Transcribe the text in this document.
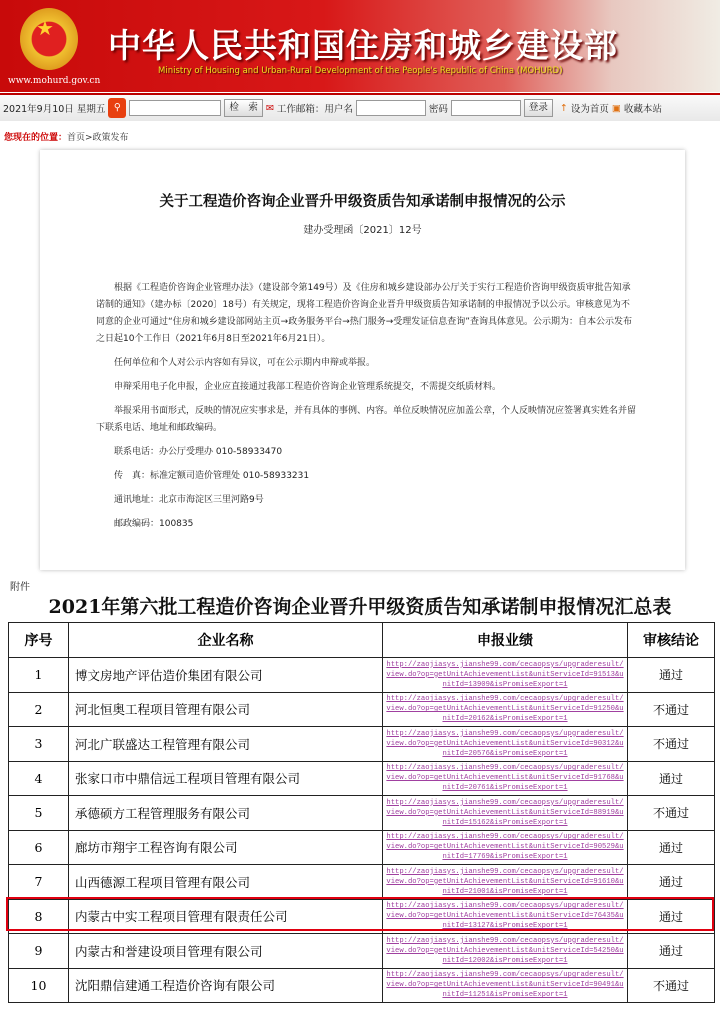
★
www.mohurd.gov.cn
中华人民共和国住房和城乡建设部
Ministry of Housing and Urban-Rural Development of the People's Republic of China (MOHURD)
2021年9月10日 星期五 ⚲	检　索 ✉ 工作邮箱：用户名	密码	登录	↑ 设为首页 ▣ 收藏本站
您现在的位置：首页>政策发布
关于工程造价咨询企业晋升甲级资质告知承诺制申报情况的公示
建办受理函〔2021〕12号

根据《工程造价咨询企业管理办法》（建设部令第149号）及《住房和城乡建设部办公厅关于实行工程造价咨询甲级资质审批告知承诺制的通知》（建办标〔2020〕18号）有关规定，现将工程造价咨询企业晋升甲级资质告知承诺制的申报情况予以公示。审核意见为不同意的企业可通过“住房和城乡建设部网站主页→政务服务平台→热门服务→受理发证信息查询”查询具体意见。公示期为：自本公示发布之日起10个工作日（2021年6月8日至2021年6月21日）。

任何单位和个人对公示内容如有异议，可在公示期内申辩或举报。

申辩采用电子化申报，企业应直接通过我部工程造价咨询企业管理系统提交，不需提交纸质材料。

举报采用书面形式，反映的情况应实事求是，并有具体的事例、内容。单位反映情况应加盖公章，个人反映情况应签署真实姓名并留下联系电话、地址和邮政编码。

联系电话：办公厅受理办 010-58933470

传　真：标准定额司造价管理处 010-58933231

通讯地址：北京市海淀区三里河路9号

邮政编码：100835

附件
2021年第六批工程造价咨询企业晋升甲级资质告知承诺制申报情况汇总表
序号	企业名称	申报业绩	审核结论
1	博文房地产评估造价集团有限公司	http://zaojiasys.jianshe99.com/cecaopsys/upgraderesult/view.do?op=getUnitAchievementList&unitServiceId=91513&unitId=13909&isPromiseExport=1	通过
2	河北恒奥工程项目管理有限公司	http://zaojiasys.jianshe99.com/cecaopsys/upgraderesult/view.do?op=getUnitAchievementList&unitServiceId=91250&unitId=20162&isPromiseExport=1	不通过
3	河北广联盛达工程管理有限公司	http://zaojiasys.jianshe99.com/cecaopsys/upgraderesult/view.do?op=getUnitAchievementList&unitServiceId=90312&unitId=20576&isPromiseExport=1	不通过
4	张家口市中鼎信远工程项目管理有限公司	http://zaojiasys.jianshe99.com/cecaopsys/upgraderesult/view.do?op=getUnitAchievementList&unitServiceId=91768&unitId=20761&isPromiseExport=1	通过
5	承德硕方工程管理服务有限公司	http://zaojiasys.jianshe99.com/cecaopsys/upgraderesult/view.do?op=getUnitAchievementList&unitServiceId=88919&unitId=15162&isPromiseExport=1	不通过
6	廊坊市翔宇工程咨询有限公司	http://zaojiasys.jianshe99.com/cecaopsys/upgraderesult/view.do?op=getUnitAchievementList&unitServiceId=90529&unitId=17769&isPromiseExport=1	通过
7	山西德源工程项目管理有限公司	http://zaojiasys.jianshe99.com/cecaopsys/upgraderesult/view.do?op=getUnitAchievementList&unitServiceId=91610&unitId=21001&isPromiseExport=1	通过
8	内蒙古中实工程项目管理有限责任公司	http://zaojiasys.jianshe99.com/cecaopsys/upgraderesult/view.do?op=getUnitAchievementList&unitServiceId=76435&unitId=13127&isPromiseExport=1	通过
9	内蒙古和誉建设项目管理有限公司	http://zaojiasys.jianshe99.com/cecaopsys/upgraderesult/view.do?op=getUnitAchievementList&unitServiceId=54250&unitId=12002&isPromiseExport=1	通过
10	沈阳鼎信建通工程造价咨询有限公司	http://zaojiasys.jianshe99.com/cecaopsys/upgraderesult/view.do?op=getUnitAchievementList&unitServiceId=90491&unitId=11251&isPromiseExport=1	不通过
